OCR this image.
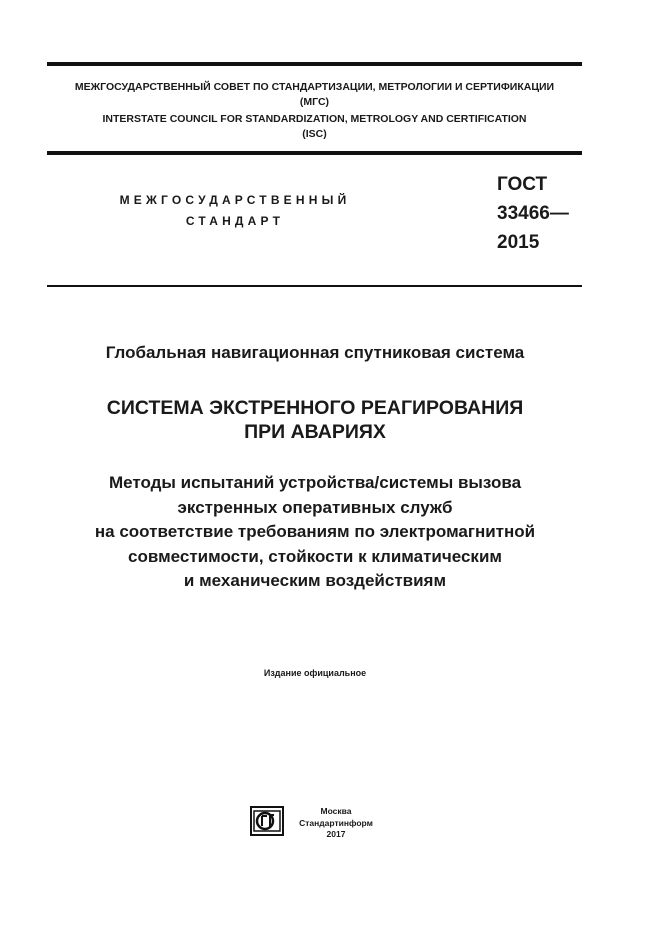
МЕЖГОСУДАРСТВЕННЫЙ СОВЕТ ПО СТАНДАРТИЗАЦИИ, МЕТРОЛОГИИ И СЕРТИФИКАЦИИ
(МГС)
INTERSTATE COUNCIL FOR STANDARDIZATION, METROLOGY AND CERTIFICATION
(ISC)
МЕЖГОСУДАРСТВЕННЫЙ
СТАНДАРТ
ГОСТ
33466—
2015
Глобальная навигационная спутниковая система
СИСТЕМА ЭКСТРЕННОГО РЕАГИРОВАНИЯ
ПРИ АВАРИЯХ
Методы испытаний устройства/системы вызова
экстренных оперативных служб
на соответствие требованиям по электромагнитной
совместимости, стойкости к климатическим
и механическим воздействиям
Издание официальное
Москва
Стандартинформ
2017
